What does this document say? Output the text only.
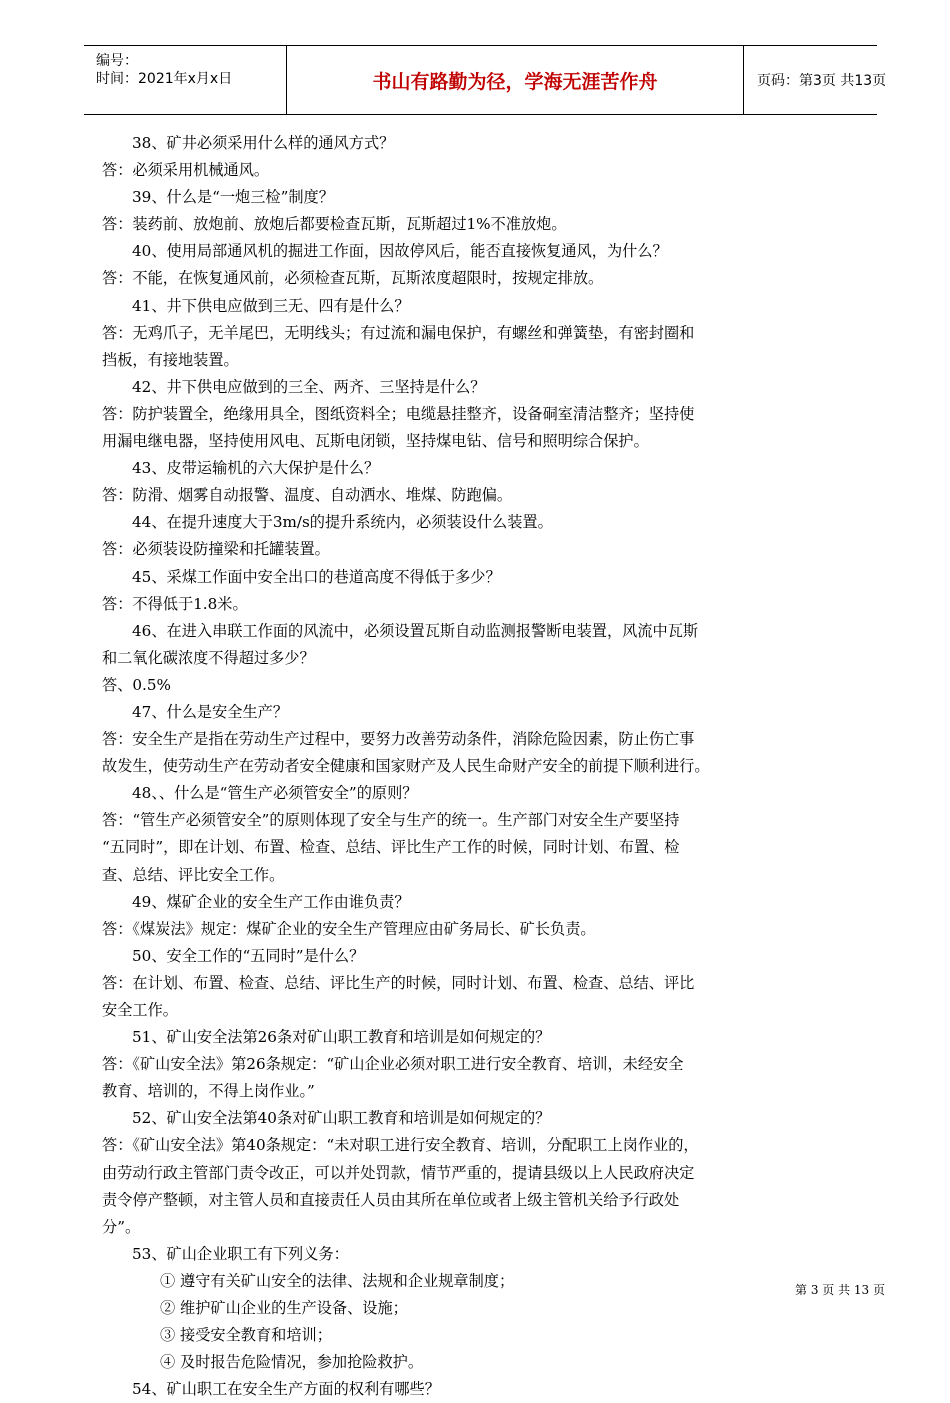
编号：
时间：2021年x月x日	书山有路勤为径，学海无涯苦作舟	页码：第3页 共13页
38、矿井必须采用什么样的通风方式？
答：必须采用机械通风。
39、什么是“一炮三检”制度？
答：装药前、放炮前、放炮后都要检查瓦斯，瓦斯超过1%不准放炮。
40、使用局部通风机的掘进工作面，因故停风后，能否直接恢复通风，为什么？
答：不能，在恢复通风前，必须检查瓦斯，瓦斯浓度超限时，按规定排放。
41、井下供电应做到三无、四有是什么？
答：无鸡爪子，无羊尾巴，无明线头；有过流和漏电保护，有螺丝和弹簧垫，有密封圈和
挡板，有接地装置。
42、井下供电应做到的三全、两齐、三坚持是什么？
答：防护装置全，绝缘用具全，图纸资料全；电缆悬挂整齐，设备硐室清洁整齐；坚持使
用漏电继电器，坚持使用风电、瓦斯电闭锁，坚持煤电钻、信号和照明综合保护。
43、皮带运输机的六大保护是什么？
答：防滑、烟雾自动报警、温度、自动洒水、堆煤、防跑偏。
44、在提升速度大于3m/s的提升系统内，必须装设什么装置。
答：必须装设防撞梁和托罐装置。
45、采煤工作面中安全出口的巷道高度不得低于多少？
答：不得低于1.8米。
46、在进入串联工作面的风流中，必须设置瓦斯自动监测报警断电装置，风流中瓦斯
和二氧化碳浓度不得超过多少？
答、0.5%
47、什么是安全生产？
答：安全生产是指在劳动生产过程中，要努力改善劳动条件，消除危险因素，防止伤亡事
故发生，使劳动生产在劳动者安全健康和国家财产及人民生命财产安全的前提下顺利进行。
48、、什么是“管生产必须管安全”的原则？
答：“管生产必须管安全”的原则体现了安全与生产的统一。生产部门对安全生产要坚持
“五同时”，即在计划、布置、检查、总结、评比生产工作的时候，同时计划、布置、检
查、总结、评比安全工作。
49、煤矿企业的安全生产工作由谁负责？
答：《煤炭法》规定：煤矿企业的安全生产管理应由矿务局长、矿长负责。
50、安全工作的“五同时”是什么？
答：在计划、布置、检查、总结、评比生产的时候，同时计划、布置、检查、总结、评比
安全工作。
51、矿山安全法第26条对矿山职工教育和培训是如何规定的？
答：《矿山安全法》第26条规定：“矿山企业必须对职工进行安全教育、培训，未经安全
教育、培训的，不得上岗作业。”
52、矿山安全法第40条对矿山职工教育和培训是如何规定的？
答：《矿山安全法》第40条规定：“未对职工进行安全教育、培训，分配职工上岗作业的，
由劳动行政主管部门责令改正，可以并处罚款，情节严重的，提请县级以上人民政府决定
责令停产整顿，对主管人员和直接责任人员由其所在单位或者上级主管机关给予行政处
分”。
53、矿山企业职工有下列义务：
① 遵守有关矿山安全的法律、法规和企业规章制度；
② 维护矿山企业的生产设备、设施；
③ 接受安全教育和培训；
④ 及时报告危险情况，参加抢险救护。
54、矿山职工在安全生产方面的权利有哪些？
第 3 页 共 13 页
